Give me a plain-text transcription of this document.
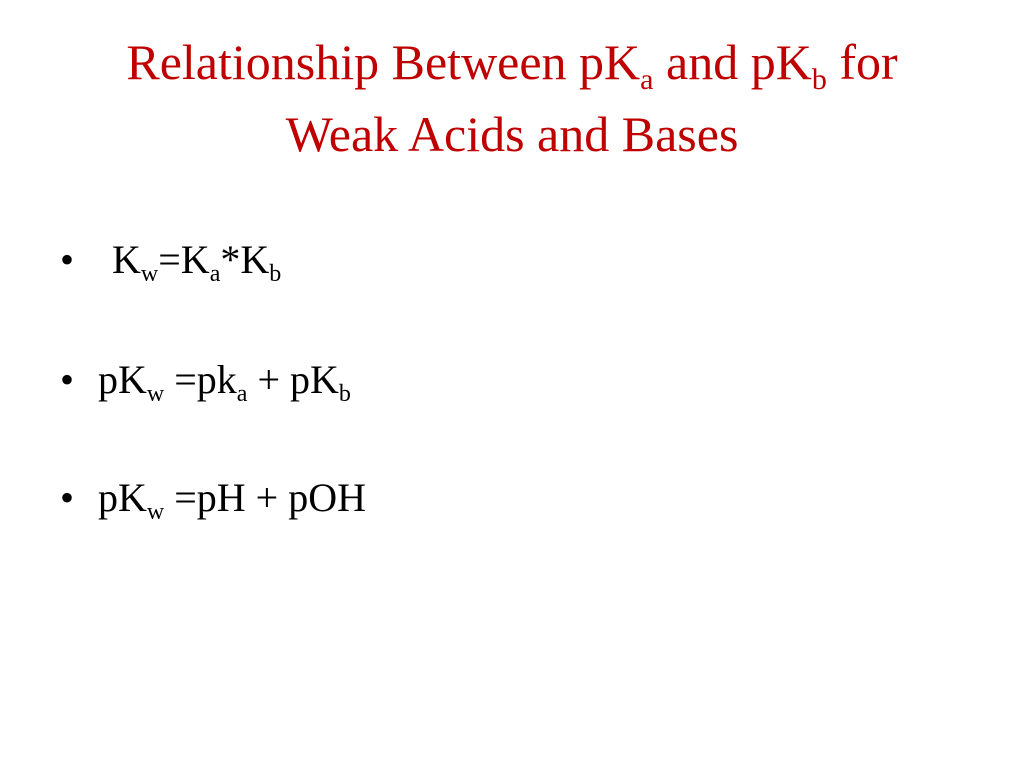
Relationship Between $pK_a$ and $pK_b$ for
Weak Acids and Bases
• $K_w=K_a*K_b$
• $pK_w =pk_a + pK_b$
• $pK_w =pH$ + pOH
